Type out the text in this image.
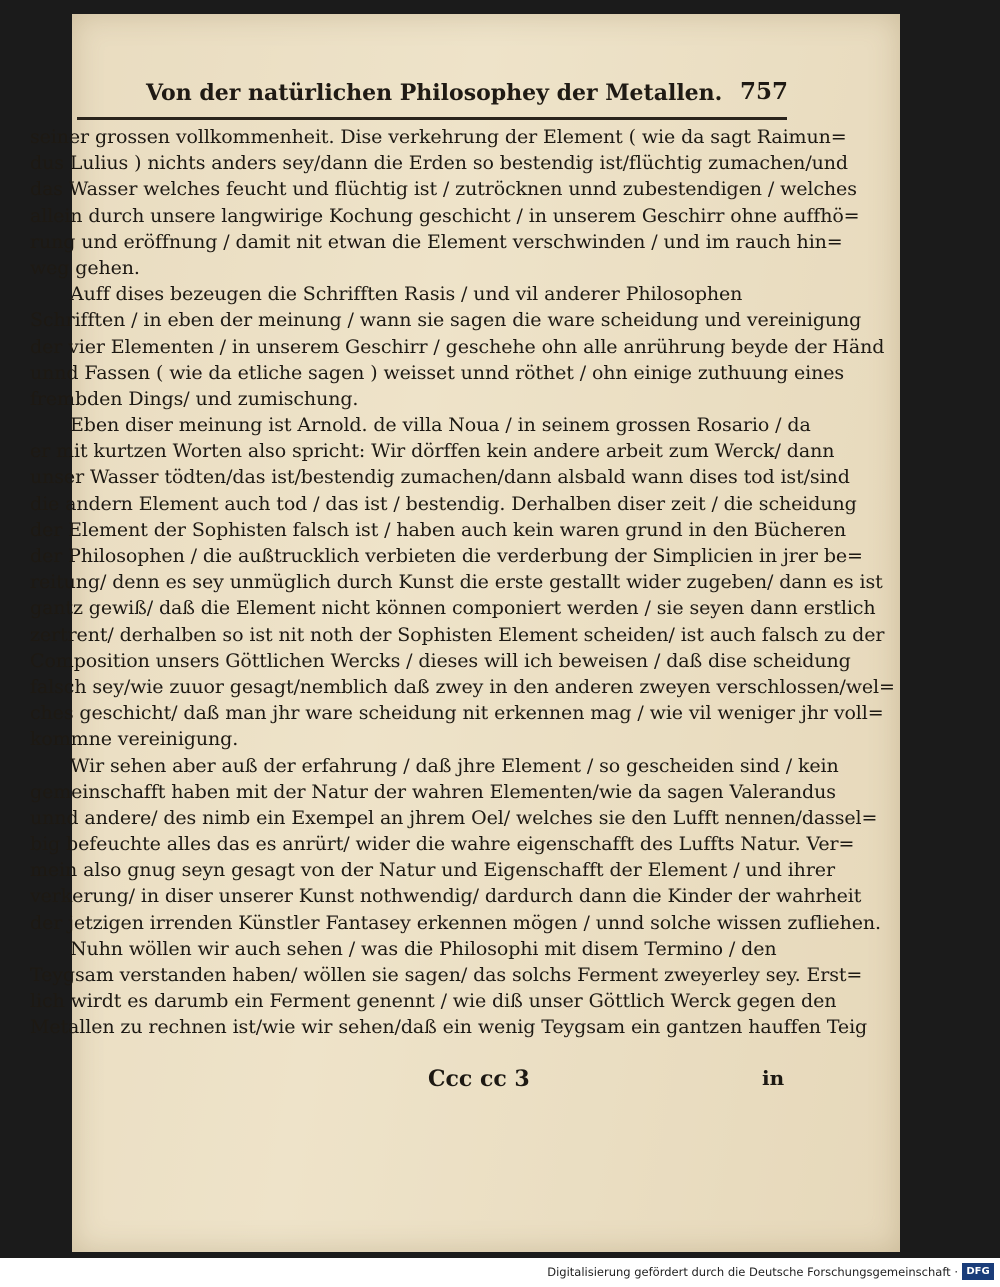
Von der natürlichen Philosophey der Metallen. 757
seiner grossen vollkommenheit. Dise verkehrung der Element ( wie da sagt Raimun=
dus Lulius ) nichts anders sey/dann die Erden so bestendig ist/flüchtig zumachen/und
das Wasser welches feucht und flüchtig ist / zutröcknen unnd zubestendigen / welches
allein durch unsere langwirige Kochung geschicht / in unserem Geschirr ohne auffhö=
rung und eröffnung / damit nit etwan die Element verschwinden / und im rauch hin=
weg gehen.
Auff dises bezeugen die Schrifften Rasis / und vil anderer Philosophen
Schrifften / in eben der meinung / wann sie sagen die ware scheidung und vereinigung
der vier Elementen / in unserem Geschirr / geschehe ohn alle anrührung beyde der Händ
unnd Fassen ( wie da etliche sagen ) weisset unnd röthet / ohn einige zuthuung eines
frembden Dings/ und zumischung.
Eben diser meinung ist Arnold. de villa Noua / in seinem grossen Rosario / da
er mit kurtzen Worten also spricht: Wir dörffen kein andere arbeit zum Werck/ dann
unser Wasser tödten/das ist/bestendig zumachen/dann alsbald wann dises tod ist/sind
die andern Element auch tod / das ist / bestendig. Derhalben diser zeit / die scheidung
der Element der Sophisten falsch ist / haben auch kein waren grund in den Bücheren
der Philosophen / die außtrucklich verbieten die verderbung der Simplicien in jrer be=
reitung/ denn es sey unmüglich durch Kunst die erste gestallt wider zugeben/ dann es ist
gantz gewiß/ daß die Element nicht können componiert werden / sie seyen dann erstlich
zertrent/ derhalben so ist nit noth der Sophisten Element scheiden/ ist auch falsch zu der
Composition unsers Göttlichen Wercks / dieses will ich beweisen / daß dise scheidung
falsch sey/wie zuuor gesagt/nemblich daß zwey in den anderen zweyen verschlossen/wel=
ches geschicht/ daß man jhr ware scheidung nit erkennen mag / wie vil weniger jhr voll=
kommne vereinigung.
Wir sehen aber auß der erfahrung / daß jhre Element / so gescheiden sind / kein
gemeinschafft haben mit der Natur der wahren Elementen/wie da sagen Valerandus
unnd andere/ des nimb ein Exempel an jhrem Oel/ welches sie den Lufft nennen/dassel=
big befeuchte alles das es anrürt/ wider die wahre eigenschafft des Luffts Natur. Ver=
mein also gnug seyn gesagt von der Natur und Eigenschafft der Element / und ihrer
verkerung/ in diser unserer Kunst nothwendig/ dardurch dann die Kinder der wahrheit
der jetzigen irrenden Künstler Fantasey erkennen mögen / unnd solche wissen zufliehen.
Nuhn wöllen wir auch sehen / was die Philosophi mit disem Termino / den
Teygsam verstanden haben/ wöllen sie sagen/ das solchs Ferment zweyerley sey. Erst=
lich wirdt es darumb ein Ferment genennt / wie diß unser Göttlich Werck gegen den
Metallen zu rechnen ist/wie wir sehen/daß ein wenig Teygsam ein gantzen hauffen Teig
Ccc cc 3	in
Digitalisierung gefördert durch die Deutsche Forschungsgemeinschaft · DFG
